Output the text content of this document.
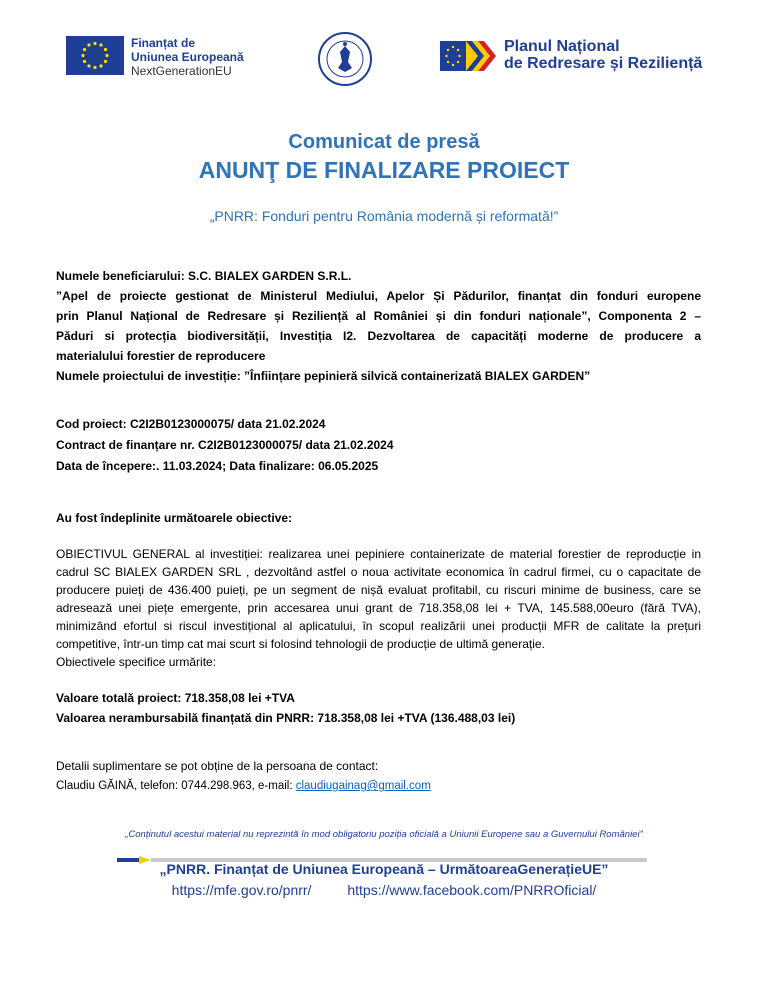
Finanțat de
Uniunea Europeană
NextGenerationEU
Planul Național
de Redresare și Reziliență
Comunicat de presă
ANUNŢ DE FINALIZARE PROIECT
„PNRR: Fonduri pentru România modernă și reformată!”
Numele beneficiarului: S.C. BIALEX GARDEN S.R.L.
”Apel de proiecte gestionat de Ministerul Mediului, Apelor Și Pădurilor, finanțat din fonduri europene
prin Planul Național de Redresare și Reziliență al României și din fonduri naționale”, Componenta 2 –
Păduri si protecția biodiversității, Investiția I2. Dezvoltarea de capacități moderne de producere a
materialului forestier de reproducere
Numele proiectului de investiție: ”Înființare pepinieră silvică containerizată BIALEX GARDEN”
Cod proiect: C2I2B0123000075/ data 21.02.2024
Contract de finanțare nr. C2I2B0123000075/ data 21.02.2024
Data de începere:. 11.03.2024; Data finalizare: 06.05.2025
Au fost îndeplinite următoarele obiective:
OBIECTIVUL GENERAL al investiției: realizarea unei pepiniere containerizate de material forestier de reproducție in
cadrul SC BIALEX GARDEN SRL , dezvoltând astfel o noua activitate economica în cadrul firmei, cu o capacitate de
producere puieți de 436.400 puieți, pe un segment de nișă evaluat profitabil, cu riscuri minime de business, care se
adresează unei piețe emergente, prin accesarea unui grant de 718.358,08 lei + TVA, 145.588,00euro (fără TVA),
minimizând efortul si riscul investițional al aplicatului, în scopul realizării unei producții MFR de calitate la prețuri
competitive, într-un timp cat mai scurt si folosind tehnologii de producție de ultimă generație.
Obiectivele specifice urmărite:
Valoare totală proiect: 718.358,08 lei +TVA
Valoarea nerambursabilă finanțată din PNRR: 718.358,08 lei +TVA (136.488,03 lei)
Detalii suplimentare se pot obține de la persoana de contact:
Claudiu GĂINĂ, telefon: 0744.298.963, e-mail: claudiugainag@gmail.com
„Conținutul acestui material nu reprezintă în mod obligatoriu poziția oficială a Uniunii Europene sau a Guvernului României”
„PNRR. Finanțat de Uniunea Europeană – UrmătoareaGenerațieUE”
https://mfe.gov.ro/pnrr/	https://www.facebook.com/PNRROficial/
